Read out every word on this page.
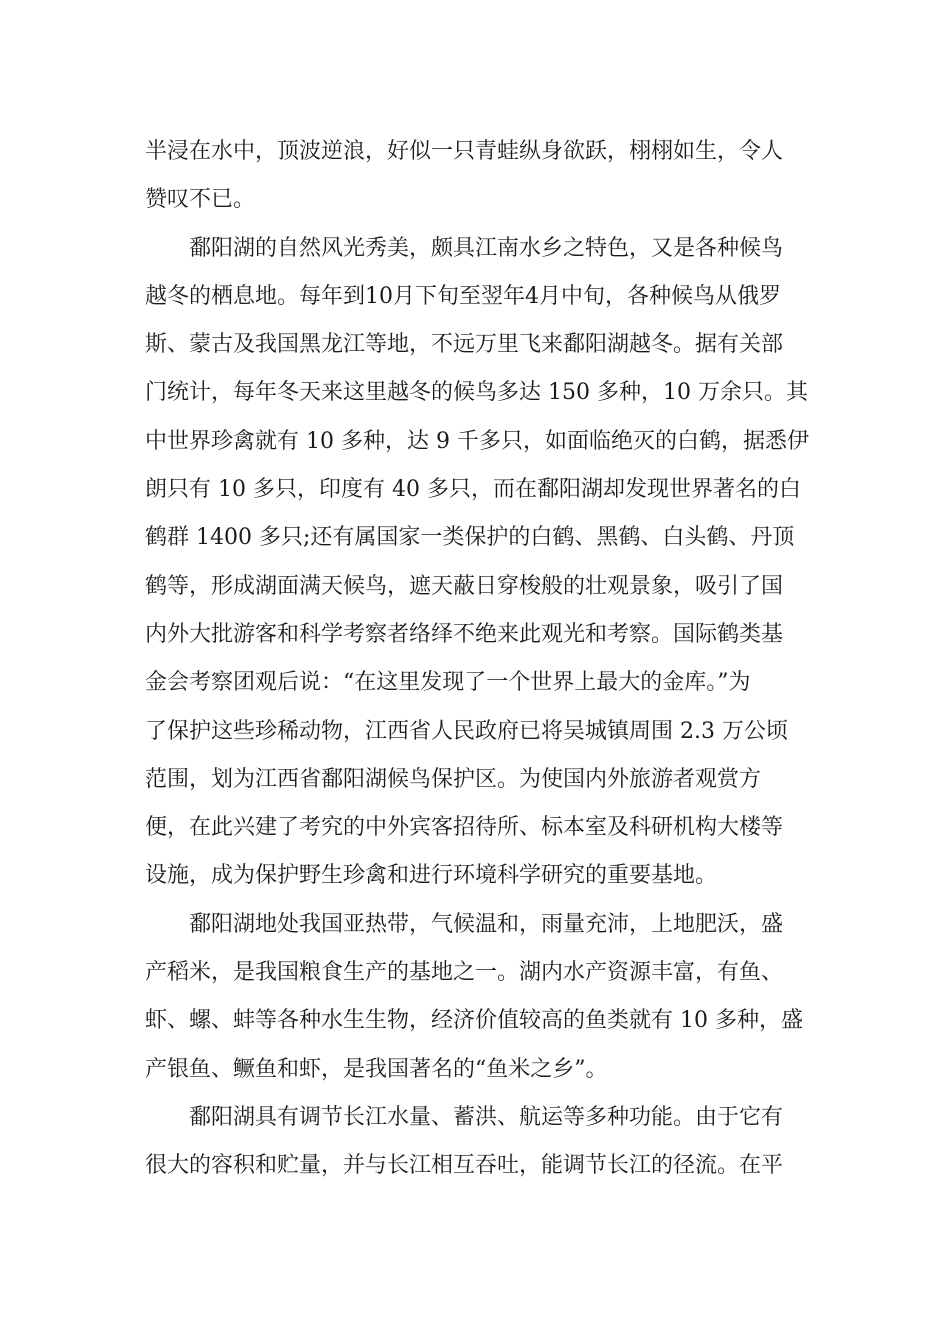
半浸在水中，顶波逆浪，好似一只青蛙纵身欲跃，栩栩如生，令人
赞叹不已。
鄱阳湖的自然风光秀美，颇具江南水乡之特色，又是各种候鸟
越冬的栖息地。每年到10月下旬至翌年4月中旬，各种候鸟从俄罗
斯、蒙古及我国黑龙江等地，不远万里飞来鄱阳湖越冬。据有关部
门统计，每年冬天来这里越冬的候鸟多达 150 多种，10 万余只。其
中世界珍禽就有 10 多种，达 9 千多只，如面临绝灭的白鹤，据悉伊
朗只有 10 多只，印度有 40 多只，而在鄱阳湖却发现世界著名的白
鹤群 1400 多只;还有属国家一类保护的白鹤、黑鹤、白头鹤、丹顶
鹤等，形成湖面满天候鸟，遮天蔽日穿梭般的壮观景象，吸引了国
内外大批游客和科学考察者络绎不绝来此观光和考察。国际鹤类基
金会考察团观后说：“在这里发现了一个世界上最大的金库。”为
了保护这些珍稀动物，江西省人民政府已将吴城镇周围 2.3 万公顷
范围，划为江西省鄱阳湖候鸟保护区。为使国内外旅游者观赏方
便，在此兴建了考究的中外宾客招待所、标本室及科研机构大楼等
设施，成为保护野生珍禽和进行环境科学研究的重要基地。
鄱阳湖地处我国亚热带，气候温和，雨量充沛，上地肥沃，盛
产稻米，是我国粮食生产的基地之一。湖内水产资源丰富，有鱼、
虾、螺、蚌等各种水生生物，经济价值较高的鱼类就有 10 多种，盛
产银鱼、鳜鱼和虾，是我国著名的“鱼米之乡”。
鄱阳湖具有调节长江水量、蓄洪、航运等多种功能。由于它有
很大的容积和贮量，并与长江相互吞吐，能调节长江的径流。在平
